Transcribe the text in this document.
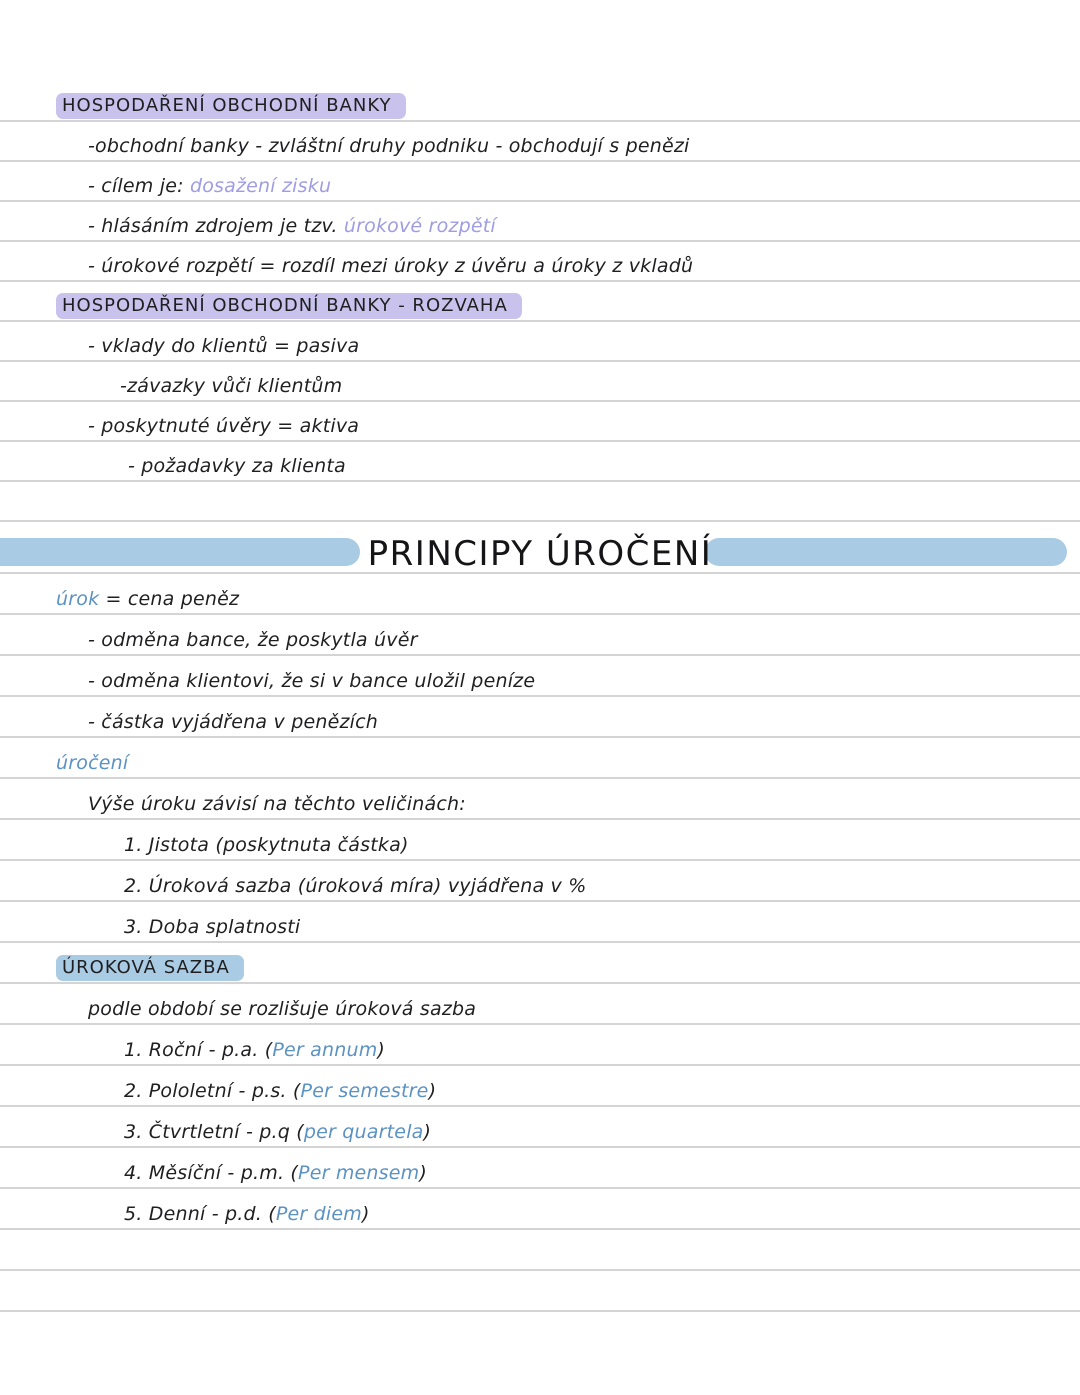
HOSPODAŘENÍ OBCHODNÍ BANKY
-obchodní banky - zvláštní druhy podniku - obchodují s penězi
- cílem je: dosažení zisku
- hlásáním zdrojem je tzv. úrokové rozpětí
- úrokové rozpětí = rozdíl mezi úroky z úvěru a úroky z vkladů
HOSPODAŘENÍ OBCHODNÍ BANKY - ROZVAHA
- vklady do klientů = pasiva
-závazky vůči klientům
- poskytnuté úvěry = aktiva
- požadavky za klienta
PRINCIPY ÚROČENÍ
úrok = cena peněz
- odměna bance, že poskytla úvěr
- odměna klientovi, že si v bance uložil peníze
- částka vyjádřena v penězích
úročení
Výše úroku závisí na těchto veličinách:
1. Jistota (poskytnuta částka)
2. Úroková sazba (úroková míra) vyjádřena v %
3. Doba splatnosti
ÚROKOVÁ SAZBA
podle období se rozlišuje úroková sazba
1. Roční - p.a. (Per annum)
2. Pololetní - p.s. (Per semestre)
3. Čtvrtletní - p.q (per quartela)
4. Měsíční - p.m. (Per mensem)
5. Denní - p.d. (Per diem)
